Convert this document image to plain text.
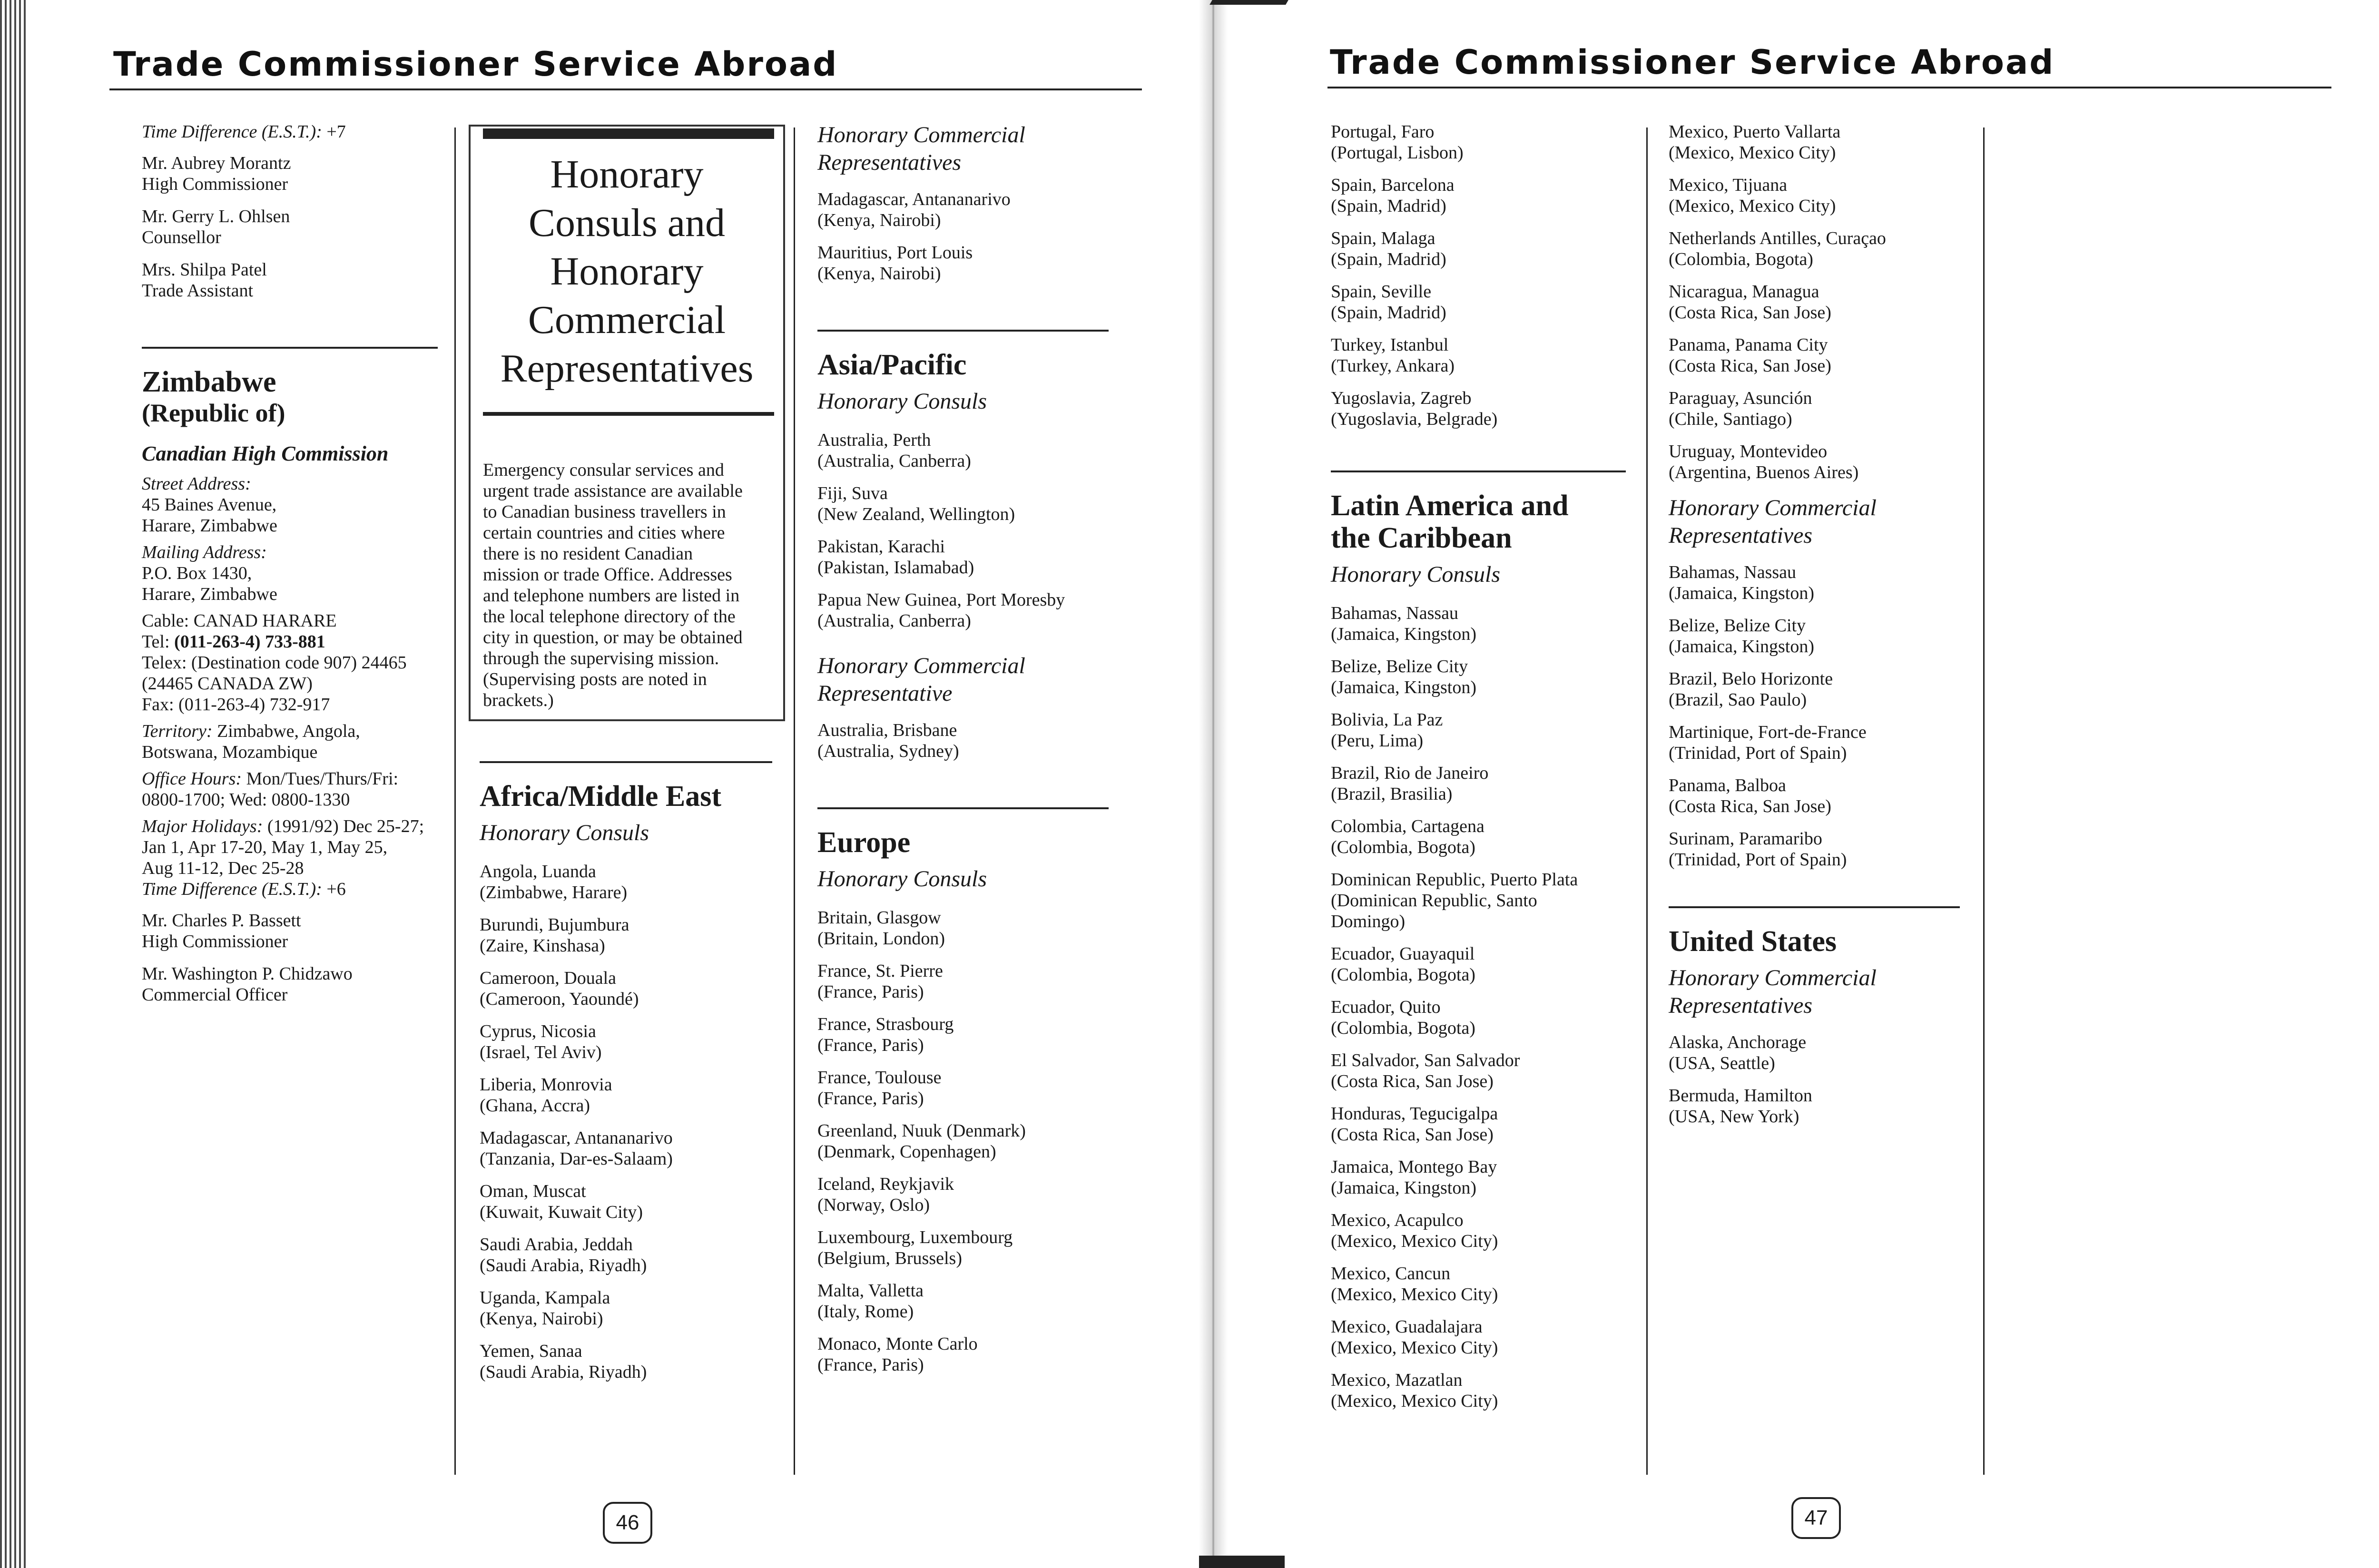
Trade Commissioner Service Abroad	Trade Commissioner Service Abroad
Time Difference (E.S.T.): +7
Mr. Aubrey Morantz
High Commissioner
Mr. Gerry L. Ohlsen
Counsellor
Mrs. Shilpa Patel
Trade Assistant
Zimbabwe
(Republic of)
Canadian High Commission
Street Address:
45 Baines Avenue,
Harare, Zimbabwe
Mailing Address:
P.O. Box 1430,
Harare, Zimbabwe
Cable: CANAD HARARE
Tel: (011-263-4) 733-881
Telex: (Destination code 907) 24465
(24465 CANADA ZW)
Fax: (011-263-4) 732-917
Territory: Zimbabwe, Angola,
Botswana, Mozambique
Office Hours: Mon/Tues/Thurs/Fri:
0800-1700; Wed: 0800-1330
Major Holidays: (1991/92) Dec 25-27;
Jan 1, Apr 17-20, May 1, May 25,
Aug 11-12, Dec 25-28
Time Difference (E.S.T.): +6
Mr. Charles P. Bassett
High Commissioner
Mr. Washington P. Chidzawo
Commercial Officer
Honorary
Consuls and
Honorary
Commercial
Representatives
Emergency consular services and
urgent trade assistance are available
to Canadian business travellers in
certain countries and cities where
there is no resident Canadian
mission or trade Office. Addresses
and telephone numbers are listed in
the local telephone directory of the
city in question, or may be obtained
through the supervising mission.
(Supervising posts are noted in
brackets.)
Africa/Middle East
Honorary Consuls
Angola, Luanda
(Zimbabwe, Harare)
Burundi, Bujumbura
(Zaire, Kinshasa)
Cameroon, Douala
(Cameroon, Yaoundé)
Cyprus, Nicosia
(Israel, Tel Aviv)
Liberia, Monrovia
(Ghana, Accra)
Madagascar, Antananarivo
(Tanzania, Dar-es-Salaam)
Oman, Muscat
(Kuwait, Kuwait City)
Saudi Arabia, Jeddah
(Saudi Arabia, Riyadh)
Uganda, Kampala
(Kenya, Nairobi)
Yemen, Sanaa
(Saudi Arabia, Riyadh)
Honorary Commercial
Representatives
Madagascar, Antananarivo
(Kenya, Nairobi)
Mauritius, Port Louis
(Kenya, Nairobi)
Asia/Pacific
Honorary Consuls
Australia, Perth
(Australia, Canberra)
Fiji, Suva
(New Zealand, Wellington)
Pakistan, Karachi
(Pakistan, Islamabad)
Papua New Guinea, Port Moresby
(Australia, Canberra)
Honorary Commercial
Representative
Australia, Brisbane
(Australia, Sydney)
Europe
Honorary Consuls
Britain, Glasgow
(Britain, London)
France, St. Pierre
(France, Paris)
France, Strasbourg
(France, Paris)
France, Toulouse
(France, Paris)
Greenland, Nuuk (Denmark)
(Denmark, Copenhagen)
Iceland, Reykjavik
(Norway, Oslo)
Luxembourg, Luxembourg
(Belgium, Brussels)
Malta, Valletta
(Italy, Rome)
Monaco, Monte Carlo
(France, Paris)
Portugal, Faro
(Portugal, Lisbon)
Spain, Barcelona
(Spain, Madrid)
Spain, Malaga
(Spain, Madrid)
Spain, Seville
(Spain, Madrid)
Turkey, Istanbul
(Turkey, Ankara)
Yugoslavia, Zagreb
(Yugoslavia, Belgrade)
Latin America and
the Caribbean
Honorary Consuls
Bahamas, Nassau
(Jamaica, Kingston)
Belize, Belize City
(Jamaica, Kingston)
Bolivia, La Paz
(Peru, Lima)
Brazil, Rio de Janeiro
(Brazil, Brasilia)
Colombia, Cartagena
(Colombia, Bogota)
Dominican Republic, Puerto Plata
(Dominican Republic, Santo
Domingo)
Ecuador, Guayaquil
(Colombia, Bogota)
Ecuador, Quito
(Colombia, Bogota)
El Salvador, San Salvador
(Costa Rica, San Jose)
Honduras, Tegucigalpa
(Costa Rica, San Jose)
Jamaica, Montego Bay
(Jamaica, Kingston)
Mexico, Acapulco
(Mexico, Mexico City)
Mexico, Cancun
(Mexico, Mexico City)
Mexico, Guadalajara
(Mexico, Mexico City)
Mexico, Mazatlan
(Mexico, Mexico City)
Mexico, Puerto Vallarta
(Mexico, Mexico City)
Mexico, Tijuana
(Mexico, Mexico City)
Netherlands Antilles, Curaçao
(Colombia, Bogota)
Nicaragua, Managua
(Costa Rica, San Jose)
Panama, Panama City
(Costa Rica, San Jose)
Paraguay, Asunción
(Chile, Santiago)
Uruguay, Montevideo
(Argentina, Buenos Aires)
Honorary Commercial
Representatives
Bahamas, Nassau
(Jamaica, Kingston)
Belize, Belize City
(Jamaica, Kingston)
Brazil, Belo Horizonte
(Brazil, Sao Paulo)
Martinique, Fort-de-France
(Trinidad, Port of Spain)
Panama, Balboa
(Costa Rica, San Jose)
Surinam, Paramaribo
(Trinidad, Port of Spain)
United States
Honorary Commercial
Representatives
Alaska, Anchorage
(USA, Seattle)
Bermuda, Hamilton
(USA, New York)
46	47
